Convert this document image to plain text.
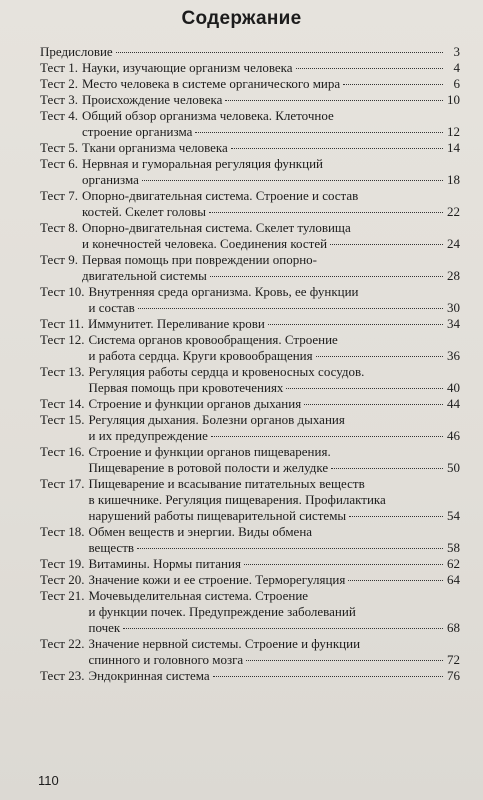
Содержание
Предисловие	3
Тест 1. Науки, изучающие организм человека	4
Тест 2. Место человека в системе органического мира	6
Тест 3. Происхождение человека	10
Тест 4. Общий обзор организма человека. Клеточное
строение организма	12
Тест 5. Ткани организма человека	14
Тест 6. Нервная и гуморальная регуляция функций
организма	18
Тест 7. Опорно-двигательная система. Строение и состав
костей. Скелет головы	22
Тест 8. Опорно-двигательная система. Скелет туловища
и конечностей человека. Соединения костей	24
Тест 9. Первая помощь при повреждении опорно-
двигательной системы	28
Тест 10. Внутренняя среда организма. Кровь, ее функции
и состав	30
Тест 11. Иммунитет. Переливание крови	34
Тест 12. Система органов кровообращения. Строение
и работа сердца. Круги кровообращения	36
Тест 13. Регуляция работы сердца и кровеносных сосудов.
Первая помощь при кровотечениях	40
Тест 14. Строение и функции органов дыхания	44
Тест 15. Регуляция дыхания. Болезни органов дыхания
и их предупреждение	46
Тест 16. Строение и функции органов пищеварения.
Пищеварение в ротовой полости и желудке	50
Тест 17. Пищеварение и всасывание питательных веществ
в кишечнике. Регуляция пищеварения. Профилактика
нарушений работы пищеварительной системы	54
Тест 18. Обмен веществ и энергии. Виды обмена
веществ	58
Тест 19. Витамины. Нормы питания	62
Тест 20. Значение кожи и ее строение. Терморегуляция	64
Тест 21. Мочевыделительная система. Строение
и функции почек. Предупреждение заболеваний
почек	68
Тест 22. Значение нервной системы. Строение и функции
спинного и головного мозга	72
Тест 23. Эндокринная система	76
110
